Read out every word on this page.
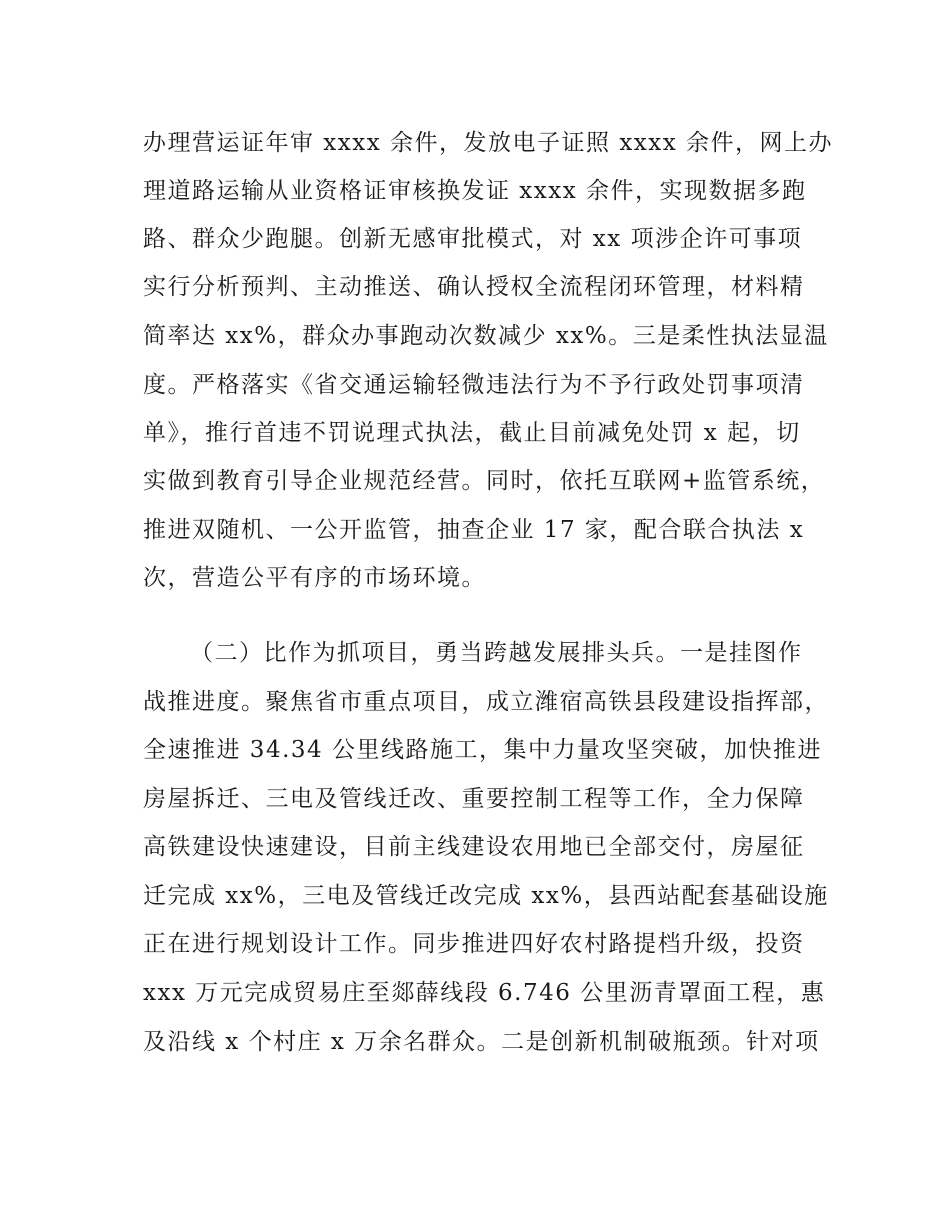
办理营运证年审 xxxx 余件，发放电子证照 xxxx 余件，网上办
理道路运输从业资格证审核换发证 xxxx 余件，实现数据多跑
路、群众少跑腿。创新无感审批模式，对 xx 项涉企许可事项
实行分析预判、主动推送、确认授权全流程闭环管理，材料精
简率达 xx%，群众办事跑动次数减少 xx%。三是柔性执法显温
度。严格落实《省交通运输轻微违法行为不予行政处罚事项清
单》，推行首违不罚说理式执法，截止目前减免处罚 x 起，切
实做到教育引导企业规范经营。同时，依托互联网+监管系统，
推进双随机、一公开监管，抽查企业 17 家，配合联合执法 x
次，营造公平有序的市场环境。
（二）比作为抓项目，勇当跨越发展排头兵。一是挂图作
战推进度。聚焦省市重点项目，成立潍宿高铁县段建设指挥部，
全速推进 34.34 公里线路施工，集中力量攻坚突破，加快推进
房屋拆迁、三电及管线迁改、重要控制工程等工作，全力保障
高铁建设快速建设，目前主线建设农用地已全部交付，房屋征
迁完成 xx%，三电及管线迁改完成 xx%，县西站配套基础设施
正在进行规划设计工作。同步推进四好农村路提档升级，投资
xxx 万元完成贸易庄至郯薛线段 6.746 公里沥青罩面工程，惠
及沿线 x 个村庄 x 万余名群众。二是创新机制破瓶颈。针对项
